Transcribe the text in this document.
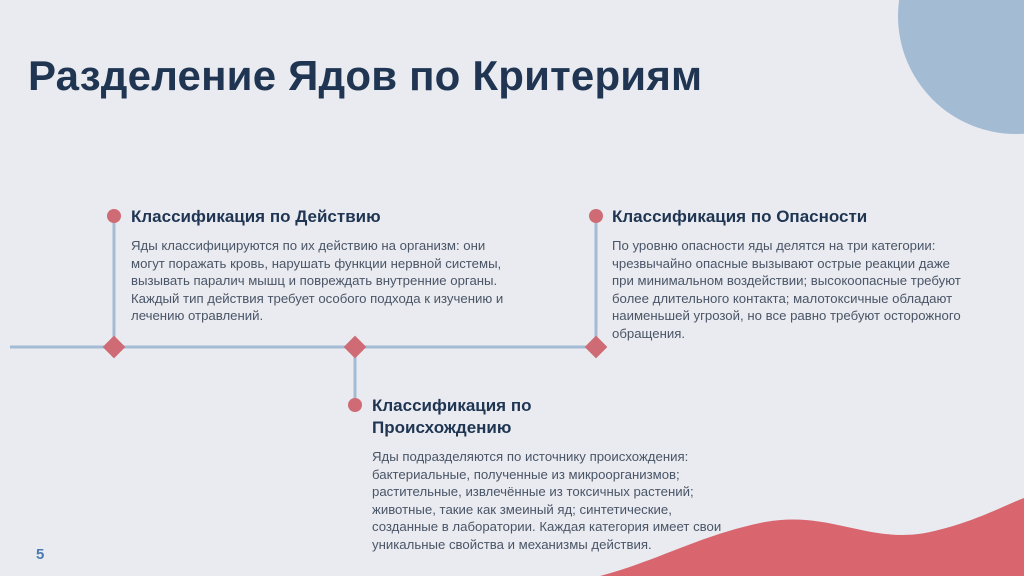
Разделение Ядов по Критериям
Классификация по Действию
Яды классифицируются по их действию на организм: они могут поражать кровь, нарушать функции нервной системы, вызывать паралич мышц и повреждать внутренние органы. Каждый тип действия требует особого подхода к изучению и лечению отравлений.
Классификация по Происхождению
Яды подразделяются по источнику происхождения: бактериальные, полученные из микроорганизмов; растительные, извлечённые из токсичных растений; животные, такие как змеиный яд; синтетические, созданные в лаборатории. Каждая категория имеет свои уникальные свойства и механизмы действия.
Классификация по Опасности
По уровню опасности яды делятся на три категории: чрезвычайно опасные вызывают острые реакции даже при минимальном воздействии; высокоопасные требуют более длительного контакта; малотоксичные обладают наименьшей угрозой, но все равно требуют осторожного обращения.
5
